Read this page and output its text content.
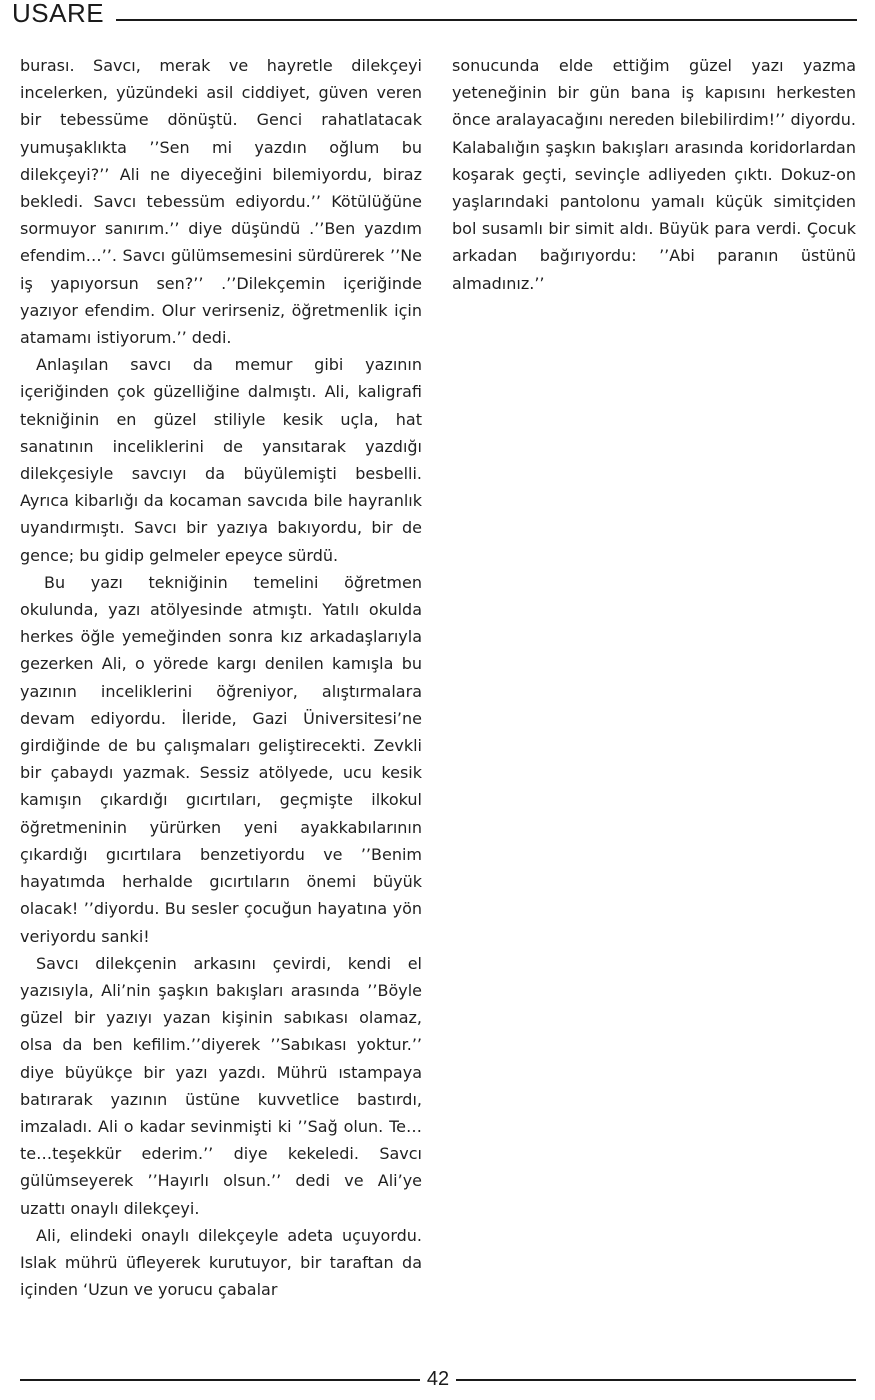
USARE

burası. Savcı, merak ve hayretle dilekçeyi incelerken, yüzündeki asil ciddiyet, güven veren bir tebessüme dönüştü. Genci rahatlatacak yumuşaklıkta ’’Sen mi yazdın oğlum bu dilekçeyi?’’ Ali ne diyeceğini bilemiyordu, biraz bekledi. Savcı tebessüm ediyordu.’’ Kötülüğüne sormuyor sanırım.’’ diye düşündü .’’Ben yazdım efendim…’’. Savcı gülümsemesini sürdürerek ’’Ne iş yapıyorsun sen?’’ .’’Dilekçemin içeriğinde yazıyor efendim. Olur verirseniz, öğretmenlik için atamamı istiyorum.’’ dedi.

Anlaşılan savcı da memur gibi yazının içeriğinden çok güzelliğine dalmıştı. Ali, kaligrafi tekniğinin en güzel stiliyle kesik uçla, hat sanatının inceliklerini de yansıtarak yazdığı dilekçesiyle savcıyı da büyülemişti besbelli. Ayrıca kibarlığı da kocaman savcıda bile hayranlık uyandırmıştı. Savcı bir yazıya bakıyordu, bir de gence; bu gidip gelmeler epeyce sürdü.

Bu yazı tekniğinin temelini öğretmen okulunda, yazı atölyesinde atmıştı. Yatılı okulda herkes öğle yemeğinden sonra kız arkadaşlarıyla gezerken Ali, o yörede kargı denilen kamışla bu yazının inceliklerini öğreniyor, alıştırmalara devam ediyordu. İleride, Gazi Üniversitesi’ne girdiğinde de bu çalışmaları geliştirecekti. Zevkli bir çabaydı yazmak. Sessiz atölyede, ucu kesik kamışın çıkardığı gıcırtıları, geçmişte ilkokul öğretmeninin yürürken yeni ayakkabılarının çıkardığı gıcırtılara benzetiyordu ve ’’Benim hayatımda herhalde gıcırtıların önemi büyük olacak! ’’diyordu. Bu sesler çocuğun hayatına yön veriyordu sanki!

Savcı dilekçenin arkasını çevirdi, kendi el yazısıyla, Ali’nin şaşkın bakışları arasında ’’Böyle güzel bir yazıyı yazan kişinin sabıkası olamaz, olsa da ben kefilim.’’diyerek ’’Sabıkası yoktur.’’ diye büyükçe bir yazı yazdı. Mührü ıstampaya batırarak yazının üstüne kuvvetlice bastırdı, imzaladı. Ali o kadar sevinmişti ki ’’Sağ olun. Te…te…teşekkür ederim.’’ diye kekeledi. Savcı gülümseyerek ’’Hayırlı olsun.’’ dedi ve Ali’ye uzattı onaylı dilekçeyi.

Ali, elindeki onaylı dilekçeyle adeta uçuyordu. Islak mührü üfleyerek kurutuyor, bir taraftan da içinden ‘Uzun ve yorucu çabalar

sonucunda elde ettiğim güzel yazı yazma yeteneğinin bir gün bana iş kapısını herkesten önce aralayacağını nereden bilebilirdim!’’ diyordu. Kalabalığın şaşkın bakışları arasında koridorlardan koşarak geçti, sevinçle adliyeden çıktı. Dokuz-on yaşlarındaki pantolonu yamalı küçük simitçiden bol susamlı bir simit aldı. Büyük para verdi. Çocuk arkadan bağırıyordu: ’’Abi paranın üstünü almadınız.’’

42
